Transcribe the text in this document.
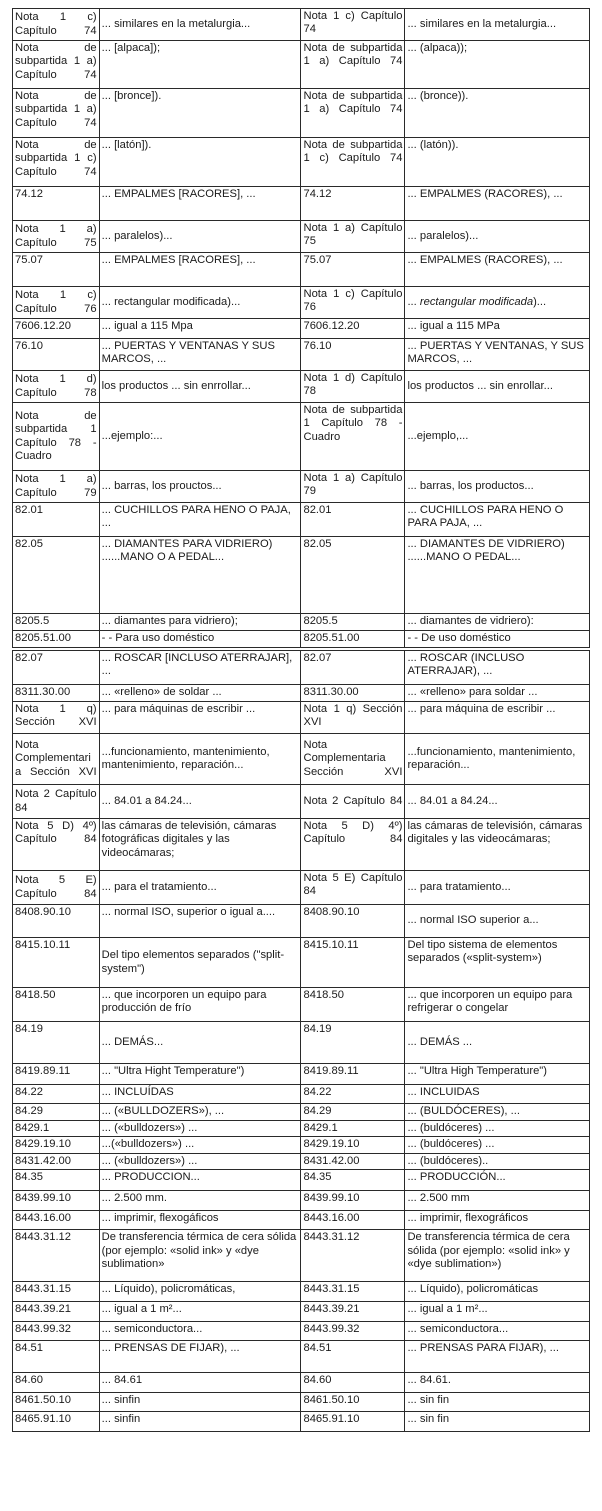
Nota 1 c) Capítulo 74	... similares en la metalurgia...	Nota 1 c) Capítulo 74	... similares en la metalurgia...
Nota de subpartida 1 a) Capítulo 74	... [alpaca]);	Nota de subpartida 1 a) Capítulo 74	... (alpaca));
Nota de subpartida 1 a) Capítulo 74	... [bronce]).	Nota de subpartida 1 a) Capítulo 74	... (bronce)).
Nota de subpartida 1 c) Capítulo 74	... [latón]).	Nota de subpartida 1 c) Capítulo 74	... (latón)).
74.12	... EMPALMES [RACORES], ...	74.12	... EMPALMES (RACORES), ...
Nota 1 a) Capítulo 75	... paralelos)...	Nota 1 a) Capítulo 75	... paralelos)...
75.07	... EMPALMES [RACORES], ...	75.07	... EMPALMES (RACORES), ...
Nota 1 c) Capítulo 76	... rectangular modificada)...	Nota 1 c) Capítulo 76	... rectangular modificada)...
7606.12.20	... igual a 115 Mpa	7606.12.20	... igual a 115 MPa
76.10	... PUERTAS Y VENTANAS Y SUS MARCOS, ...	76.10	... PUERTAS Y VENTANAS, Y SUS MARCOS, ...
Nota 1 d) Capítulo 78	los productos ... sin enrrollar...	Nota 1 d) Capítulo 78	los productos ... sin enrollar...
Nota de subpartida 1 Capítulo 78 - Cuadro	...ejemplo:...	Nota de subpartida 1 Capítulo 78 - Cuadro	...ejemplo,...
Nota 1 a) Capítulo 79	... barras, los prouctos...	Nota 1 a) Capítulo 79	... barras, los productos...
82.01	... CUCHILLOS PARA HENO O PAJA, ...	82.01	... CUCHILLOS PARA HENO O PARA PAJA, ...
82.05	... DIAMANTES PARA VIDRIERO) ......MANO O A PEDAL...	82.05	... DIAMANTES DE VIDRIERO) ......MANO O PEDAL...
8205.5	... diamantes para vidriero);	8205.5	... diamantes de vidriero):
8205.51.00	- - Para uso doméstico	8205.51.00	- - De uso doméstico
82.07	... ROSCAR [INCLUSO ATERRAJAR], ...	82.07	... ROSCAR (INCLUSO ATERRAJAR), ...
8311.30.00	... «relleno» de soldar ...	8311.30.00	... «relleno» para soldar ...
Nota 1 q) Sección XVI	... para máquinas de escribir ...	Nota 1 q) Sección XVI	... para máquina de escribir ...
Nota Complementaria Sección XVI	...funcionamiento, mantenimiento, mantenimiento, reparación...	Nota Complementaria Sección XVI	...funcionamiento, mantenimiento, reparación...
Nota 2 Capítulo 84	... 84.01 a 84.24...	Nota 2 Capítulo 84	... 84.01 a 84.24...
Nota 5 D) 4º) Capítulo 84	las cámaras de televisión, cámaras fotográficas digitales y las videocámaras;	Nota 5 D) 4º) Capítulo 84	las cámaras de televisión, cámaras digitales y las videocámaras;
Nota 5 E) Capítulo 84	... para el tratamiento...	Nota 5 E) Capítulo 84	... para tratamiento...
8408.90.10	... normal ISO, superior o igual a....	8408.90.10	... normal ISO superior a...
8415.10.11	Del tipo elementos separados ("split-system")	8415.10.11	Del tipo sistema de elementos separados («split-system»)
8418.50	... que incorporen un equipo para producción de frío	8418.50	... que incorporen un equipo para refrigerar o congelar
84.19	... DEMÁS...	84.19	... DEMÁS ...
8419.89.11	... "Ultra Hight Temperature")	8419.89.11	... "Ultra High Temperature")
84.22	... INCLUÍDAS	84.22	... INCLUIDAS
84.29	... («BULLDOZERS»), ...	84.29	... (BULDÓCERES), ...
8429.1	... («bulldozers») ...	8429.1	... (buldóceres) ...
8429.19.10	...(«bulldozers») ...	8429.19.10	... (buldóceres) ...
8431.42.00	... («bulldozers») ...	8431.42.00	... (buldóceres)..
84.35	... PRODUCCION...	84.35	... PRODUCCIÓN...
8439.99.10	... 2.500 mm.	8439.99.10	... 2.500 mm
8443.16.00	... imprimir, flexogáficos	8443.16.00	... imprimir, flexográficos
8443.31.12	De transferencia térmica de cera sólida (por ejemplo: «solid ink» y «dye sublimation»	8443.31.12	De transferencia térmica de cera sólida (por ejemplo: «solid ink» y «dye sublimation»)
8443.31.15	... Líquido), policromáticas,	8443.31.15	... Líquido), policromáticas
8443.39.21	... igual a 1 m²...	8443.39.21	... igual a 1 m²...
8443.99.32	... semiconductora...	8443.99.32	... semiconductora...
84.51	... PRENSAS DE FIJAR), ...	84.51	... PRENSAS PARA FIJAR), ...
84.60	... 84.61	84.60	... 84.61.
8461.50.10	... sinfin	8461.50.10	... sin fin
8465.91.10	... sinfin	8465.91.10	... sin fin
